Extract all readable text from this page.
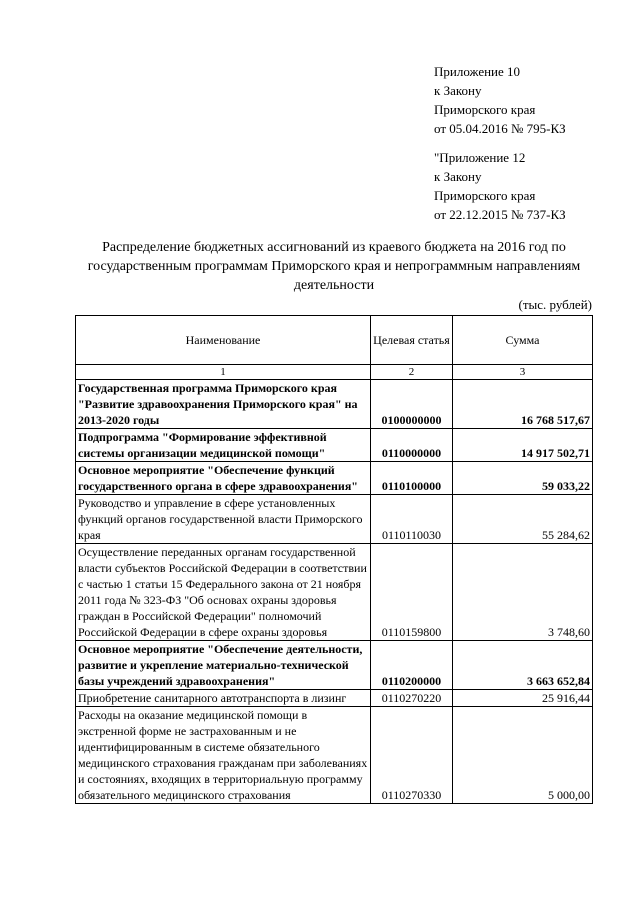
Приложение 10
к Закону
Приморского края
от 05.04.2016 № 795-КЗ
"Приложение 12
к Закону
Приморского края
от 22.12.2015 № 737-КЗ
Распределение бюджетных ассигнований из краевого бюджета на 2016 год по государственным программам Приморского края и непрограммным направлениям деятельности
(тыс. рублей)
Наименование	Целевая статья	Сумма
1	2	3
Государственная программа Приморского края "Развитие здравоохранения Приморского края" на 2013-2020 годы	0100000000	16 768 517,67
Подпрограмма "Формирование эффективной системы организации медицинской помощи"	0110000000	14 917 502,71
Основное мероприятие "Обеспечение функций государственного органа в сфере здравоохранения"	0110100000	59 033,22
Руководство и управление в сфере установленных функций органов государственной власти Приморского края	0110110030	55 284,62
Осуществление переданных органам государственной власти субъектов Российской Федерации в соответствии с частью 1 статьи 15 Федерального закона от 21 ноября 2011 года № 323-ФЗ "Об основах охраны здоровья граждан в Российской Федерации" полномочий Российской Федерации в сфере охраны здоровья	0110159800	3 748,60
Основное мероприятие "Обеспечение деятельности, развитие и укрепление материально-технической базы учреждений здравоохранения"	0110200000	3 663 652,84
Приобретение санитарного автотранспорта в лизинг	0110270220	25 916,44
Расходы на оказание медицинской помощи в экстренной форме не застрахованным и не идентифицированным в системе обязательного медицинского страхования гражданам при заболеваниях и состояниях, входящих в территориальную программу обязательного медицинского страхования	0110270330	5 000,00
